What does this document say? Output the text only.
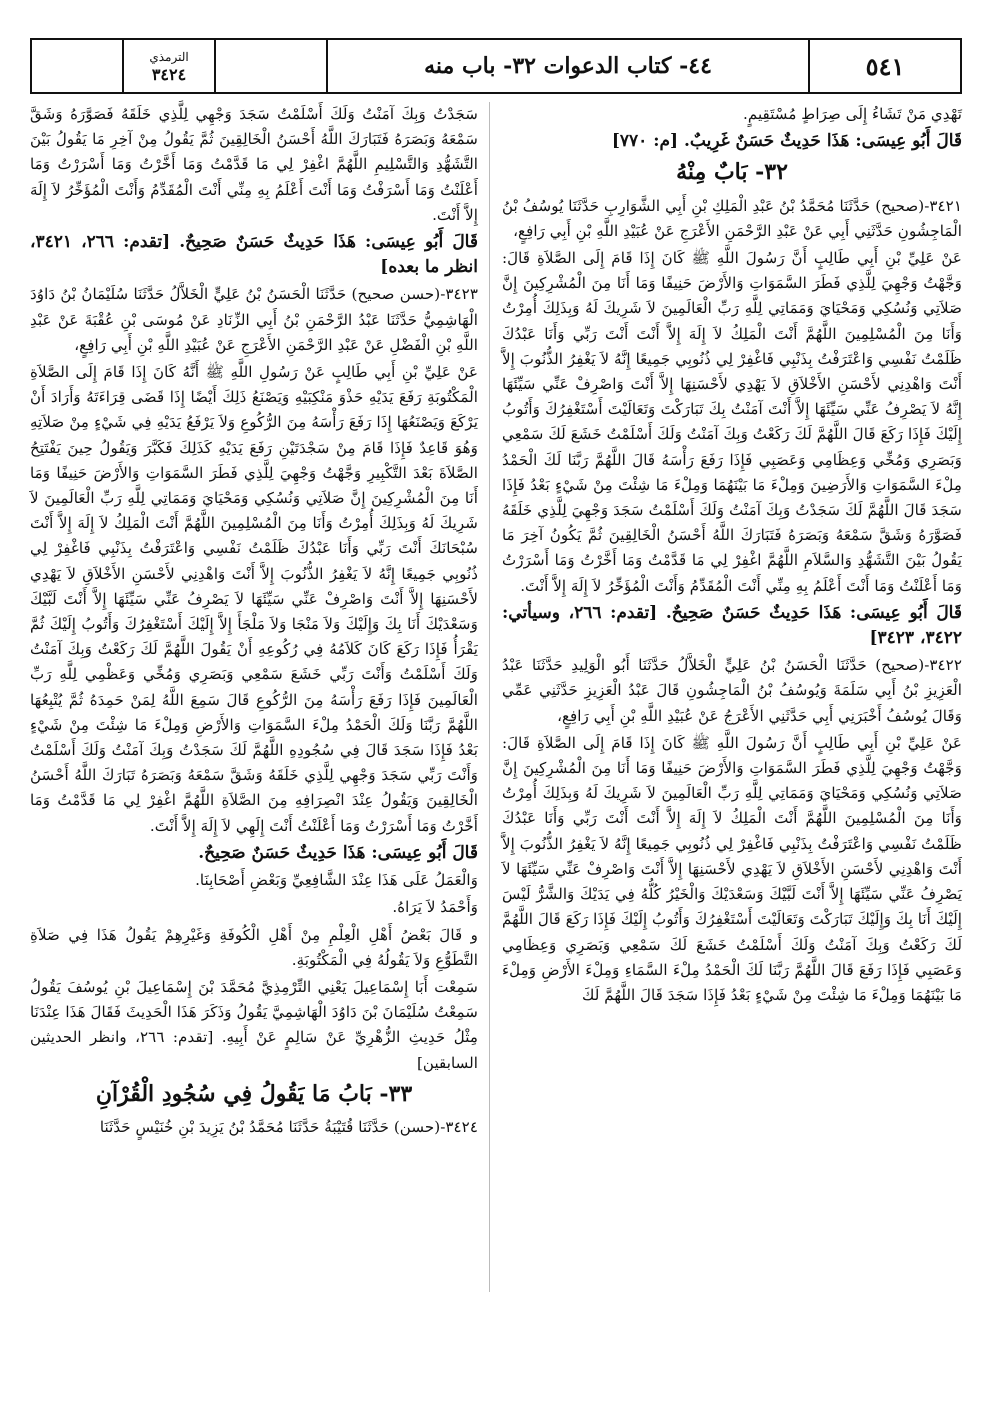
٥٤١
٤٤- كتاب الدعوات ٣٢- باب منه
الترمذي
٣٤٢٤

تَهْدِي مَنْ تَشَاءُ إِلَى صِرَاطٍ مُسْتَقِيمٍ.

قَالَ أَبُو عِيسَى: هَذَا حَدِيثٌ حَسَنٌ غَرِيبٌ. [م: ٧٧٠]

٣٢- بَابٌ مِنْهُ

٣٤٢١-(صحيح) حَدَّثَنَا مُحَمَّدُ بْنُ عَبْدِ الْمَلِكِ بْنِ أَبِي الشَّوَارِبِ حَدَّثَنَا يُوسُفُ بْنُ الْمَاجِشُونِ حَدَّثَنِي أَبِي عَنْ عَبْدِ الرَّحْمَنِ الأَعْرَجِ عَنْ عُبَيْدِ اللَّهِ بْنِ أَبِي رَافِعٍ،

عَنْ عَلِيِّ بْنِ أَبِي طَالِبٍ أَنَّ رَسُولَ اللَّهِ ﷺ كَانَ إِذَا قَامَ إِلَى الصَّلاَةِ قَالَ: وَجَّهْتُ وَجْهِيَ لِلَّذِي فَطَرَ السَّمَوَاتِ وَالأَرْضَ حَنِيفًا وَمَا أَنَا مِنَ الْمُشْرِكِينَ إِنَّ صَلاَتِي وَنُسُكِي وَمَحْيَايَ وَمَمَاتِي لِلَّهِ رَبِّ الْعَالَمِينَ لاَ شَرِيكَ لَهُ وَبِذَلِكَ أُمِرْتُ وَأَنَا مِنَ الْمُسْلِمِينَ اللَّهُمَّ أَنْتَ الْمَلِكُ لاَ إِلَهَ إِلاَّ أَنْتَ أَنْتَ رَبِّي وَأَنَا عَبْدُكَ ظَلَمْتُ نَفْسِي وَاعْتَرَفْتُ بِذَنْبِي فَاغْفِرْ لِي ذُنُوبِي جَمِيعًا إِنَّهُ لاَ يَغْفِرُ الذُّنُوبَ إِلاَّ أَنْتَ وَاهْدِنِي لأَحْسَنِ الأَخْلاَقِ لاَ يَهْدِي لأَحْسَنِهَا إِلاَّ أَنْتَ وَاصْرِفْ عَنِّي سَيِّئَهَا إِنَّهُ لاَ يَصْرِفُ عَنِّي سَيِّئَهَا إِلاَّ أَنْتَ آمَنْتُ بِكَ تَبَارَكْتَ وَتَعَالَيْتَ أَسْتَغْفِرُكَ وَأَتُوبُ إِلَيْكَ فَإِذَا رَكَعَ قَالَ اللَّهُمَّ لَكَ رَكَعْتُ وَبِكَ آمَنْتُ وَلَكَ أَسْلَمْتُ خَشَعَ لَكَ سَمْعِي وَبَصَرِي وَمُخِّي وَعِظَامِي وَعَصَبِي فَإِذَا رَفَعَ رَأْسَهُ قَالَ اللَّهُمَّ رَبَّنَا لَكَ الْحَمْدُ مِلْءَ السَّمَوَاتِ وَالأَرَضِينَ وَمِلْءَ مَا بَيْنَهُمَا وَمِلْءَ مَا شِئْتَ مِنْ شَيْءٍ بَعْدُ فَإِذَا سَجَدَ قَالَ اللَّهُمَّ لَكَ سَجَدْتُ وَبِكَ آمَنْتُ وَلَكَ أَسْلَمْتُ سَجَدَ وَجْهِيَ لِلَّذِي خَلَقَهُ فَصَوَّرَهُ وَشَقَّ سَمْعَهُ وَبَصَرَهُ فَتَبَارَكَ اللَّهُ أَحْسَنُ الْخَالِقِينَ ثُمَّ يَكُونُ آخِرَ مَا يَقُولُ بَيْنَ التَّشَهُّدِ وَالسَّلاَمِ اللَّهُمَّ اغْفِرْ لِي مَا قَدَّمْتُ وَمَا أَخَّرْتُ وَمَا أَسْرَرْتُ وَمَا أَعْلَنْتُ وَمَا أَنْتَ أَعْلَمُ بِهِ مِنِّي أَنْتَ الْمُقَدِّمُ وَأَنْتَ الْمُؤَخِّرُ لاَ إِلَهَ إِلاَّ أَنْتَ.

قَالَ أَبُو عِيسَى: هَذَا حَدِيثٌ حَسَنٌ صَحِيحٌ. [تقدم: ٢٦٦، وسيأتي: ٣٤٢٢، ٣٤٢٣]

٣٤٢٢-(صحيح) حَدَّثَنَا الْحَسَنُ بْنُ عَلِيٍّ الْخَلاَّلُ حَدَّثَنَا أَبُو الْوَلِيدِ حَدَّثَنَا عَبْدُ الْعَزِيزِ بْنُ أَبِي سَلَمَةَ وَيُوسُفُ بْنُ الْمَاجِشُونِ قَالَ عَبْدُ الْعَزِيزِ حَدَّثَنِي عَمِّي وَقَالَ يُوسُفُ أَخْبَرَنِي أَبِي حَدَّثَنِي الأَعْرَجُ عَنْ عُبَيْدِ اللَّهِ بْنِ أَبِي رَافِعٍ،

عَنْ عَلِيِّ بْنِ أَبِي طَالِبٍ أَنَّ رَسُولَ اللَّهِ ﷺ كَانَ إِذَا قَامَ إِلَى الصَّلاَةِ قَالَ: وَجَّهْتُ وَجْهِيَ لِلَّذِي فَطَرَ السَّمَوَاتِ وَالأَرْضَ حَنِيفًا وَمَا أَنَا مِنَ الْمُشْرِكِينَ إِنَّ صَلاَتِي وَنُسُكِي وَمَحْيَايَ وَمَمَاتِي لِلَّهِ رَبِّ الْعَالَمِينَ لاَ شَرِيكَ لَهُ وَبِذَلِكَ أُمِرْتُ وَأَنَا مِنَ الْمُسْلِمِينَ اللَّهُمَّ أَنْتَ الْمَلِكُ لاَ إِلَهَ إِلاَّ أَنْتَ أَنْتَ رَبِّي وَأَنَا عَبْدُكَ ظَلَمْتُ نَفْسِي وَاعْتَرَفْتُ بِذَنْبِي فَاغْفِرْ لِي ذُنُوبِي جَمِيعًا إِنَّهُ لاَ يَغْفِرُ الذُّنُوبَ إِلاَّ أَنْتَ وَاهْدِنِي لأَحْسَنِ الأَخْلاَقِ لاَ يَهْدِي لأَحْسَنِهَا إِلاَّ أَنْتَ وَاصْرِفْ عَنِّي سَيِّئَهَا لاَ يَصْرِفُ عَنِّي سَيِّئَهَا إِلاَّ أَنْتَ لَبَّيْكَ وَسَعْدَيْكَ وَالْخَيْرُ كُلُّهُ فِي يَدَيْكَ وَالشَّرُّ لَيْسَ إِلَيْكَ أَنَا بِكَ وَإِلَيْكَ تَبَارَكْتَ وَتَعَالَيْتَ أَسْتَغْفِرُكَ وَأَتُوبُ إِلَيْكَ فَإِذَا رَكَعَ قَالَ اللَّهُمَّ لَكَ رَكَعْتُ وَبِكَ آمَنْتُ وَلَكَ أَسْلَمْتُ خَشَعَ لَكَ سَمْعِي وَبَصَرِي وَعِظَامِي وَعَصَبِي فَإِذَا رَفَعَ قَالَ اللَّهُمَّ رَبَّنَا لَكَ الْحَمْدُ مِلْءَ السَّمَاءِ وَمِلْءَ الأَرْضِ وَمِلْءَ مَا بَيْنَهُمَا وَمِلْءَ مَا شِئْتَ مِنْ شَيْءٍ بَعْدُ فَإِذَا سَجَدَ قَالَ اللَّهُمَّ لَكَ

سَجَدْتُ وَبِكَ آمَنْتُ وَلَكَ أَسْلَمْتُ سَجَدَ وَجْهِي لِلَّذِي خَلَقَهُ فَصَوَّرَهُ وَشَقَّ سَمْعَهُ وَبَصَرَهُ فَتَبَارَكَ اللَّهُ أَحْسَنُ الْخَالِقِينَ ثُمَّ يَقُولُ مِنْ آخِرِ مَا يَقُولُ بَيْنَ التَّشَهُّدِ وَالتَّسْلِيمِ اللَّهُمَّ اغْفِرْ لِي مَا قَدَّمْتُ وَمَا أَخَّرْتُ وَمَا أَسْرَرْتُ وَمَا أَعْلَنْتُ وَمَا أَسْرَفْتُ وَمَا أَنْتَ أَعْلَمُ بِهِ مِنِّي أَنْتَ الْمُقَدِّمُ وَأَنْتَ الْمُؤَخِّرُ لاَ إِلَهَ إِلاَّ أَنْتَ.

قَالَ أَبُو عِيسَى: هَذَا حَدِيثٌ حَسَنٌ صَحِيحٌ. [تقدم: ٢٦٦، ٣٤٢١، انظر ما بعده]

٣٤٢٣-(حسن صحيح) حَدَّثَنَا الْحَسَنُ بْنُ عَلِيٍّ الْخَلاَّلُ حَدَّثَنَا سُلَيْمَانُ بْنُ دَاوُدَ الْهَاشِمِيُّ حَدَّثَنَا عَبْدُ الرَّحْمَنِ بْنُ أَبِي الزِّنَادِ عَنْ مُوسَى بْنِ عُقْبَةَ عَنْ عَبْدِ اللَّهِ بْنِ الْفَضْلِ عَنْ عَبْدِ الرَّحْمَنِ الأَعْرَجِ عَنْ عُبَيْدِ اللَّهِ بْنِ أَبِي رَافِعٍ،

عَنْ عَلِيِّ بْنِ أَبِي طَالِبٍ عَنْ رَسُولِ اللَّهِ ﷺ أَنَّهُ كَانَ إِذَا قَامَ إِلَى الصَّلاَةِ الْمَكْتُوبَةِ رَفَعَ يَدَيْهِ حَذْوَ مَنْكِبَيْهِ وَيَصْنَعُ ذَلِكَ أَيْضًا إِذَا قَضَى قِرَاءَتَهُ وَأَرَادَ أَنْ يَرْكَعَ وَيَصْنَعُهَا إِذَا رَفَعَ رَأْسَهُ مِنَ الرُّكُوعِ وَلاَ يَرْفَعُ يَدَيْهِ فِي شَيْءٍ مِنْ صَلاَتِهِ وَهُوَ قَاعِدٌ فَإِذَا قَامَ مِنْ سَجْدَتَيْنِ رَفَعَ يَدَيْهِ كَذَلِكَ فَكَبَّرَ وَيَقُولُ حِينَ يَفْتَتِحُ الصَّلاَةَ بَعْدَ التَّكْبِيرِ وَجَّهْتُ وَجْهِيَ لِلَّذِي فَطَرَ السَّمَوَاتِ وَالأَرْضَ حَنِيفًا وَمَا أَنَا مِنَ الْمُشْرِكِينَ إِنَّ صَلاَتِي وَنُسُكِي وَمَحْيَايَ وَمَمَاتِي لِلَّهِ رَبِّ الْعَالَمِينَ لاَ شَرِيكَ لَهُ وَبِذَلِكَ أُمِرْتُ وَأَنَا مِنَ الْمُسْلِمِينَ اللَّهُمَّ أَنْتَ الْمَلِكُ لاَ إِلَهَ إِلاَّ أَنْتَ سُبْحَانَكَ أَنْتَ رَبِّي وَأَنَا عَبْدُكَ ظَلَمْتُ نَفْسِي وَاعْتَرَفْتُ بِذَنْبِي فَاغْفِرْ لِي ذُنُوبِي جَمِيعًا إِنَّهُ لاَ يَغْفِرُ الذُّنُوبَ إِلاَّ أَنْتَ وَاهْدِنِي لأَحْسَنِ الأَخْلاَقِ لاَ يَهْدِي لأَحْسَنِهَا إِلاَّ أَنْتَ وَاصْرِفْ عَنِّي سَيِّئَهَا لاَ يَصْرِفُ عَنِّي سَيِّئَهَا إِلاَّ أَنْتَ لَبَّيْكَ وَسَعْدَيْكَ أَنَا بِكَ وَإِلَيْكَ وَلاَ مَنْجَا وَلاَ مَلْجَأَ إِلاَّ إِلَيْكَ أَسْتَغْفِرُكَ وَأَتُوبُ إِلَيْكَ ثُمَّ يَقْرَأُ فَإِذَا رَكَعَ كَانَ كَلاَمُهُ فِي رُكُوعِهِ أَنْ يَقُولَ اللَّهُمَّ لَكَ رَكَعْتُ وَبِكَ آمَنْتُ وَلَكَ أَسْلَمْتُ وَأَنْتَ رَبِّي خَشَعَ سَمْعِي وَبَصَرِي وَمُخِّي وَعَظْمِي لِلَّهِ رَبِّ الْعَالَمِينَ فَإِذَا رَفَعَ رَأْسَهُ مِنَ الرُّكُوعِ قَالَ سَمِعَ اللَّهُ لِمَنْ حَمِدَهُ ثُمَّ يُتْبِعُهَا اللَّهُمَّ رَبَّنَا وَلَكَ الْحَمْدُ مِلْءَ السَّمَوَاتِ وَالأَرْضِ وَمِلْءَ مَا شِئْتَ مِنْ شَيْءٍ بَعْدُ فَإِذَا سَجَدَ قَالَ فِي سُجُودِهِ اللَّهُمَّ لَكَ سَجَدْتُ وَبِكَ آمَنْتُ وَلَكَ أَسْلَمْتُ وَأَنْتَ رَبِّي سَجَدَ وَجْهِي لِلَّذِي خَلَقَهُ وَشَقَّ سَمْعَهُ وَبَصَرَهُ تَبَارَكَ اللَّهُ أَحْسَنُ الْخَالِقِينَ وَيَقُولُ عِنْدَ انْصِرَافِهِ مِنَ الصَّلاَةِ اللَّهُمَّ اغْفِرْ لِي مَا قَدَّمْتُ وَمَا أَخَّرْتُ وَمَا أَسْرَرْتُ وَمَا أَعْلَنْتُ أَنْتَ إِلَهِي لاَ إِلَهَ إِلاَّ أَنْتَ.

قَالَ أَبُو عِيسَى: هَذَا حَدِيثٌ حَسَنٌ صَحِيحٌ.

وَالْعَمَلُ عَلَى هَذَا عِنْدَ الشَّافِعِيِّ وَبَعْضِ أَصْحَابِنَا.

وَأَحْمَدُ لاَ يَرَاهُ.

و قَالَ بَعْضُ أَهْلِ الْعِلْمِ مِنْ أَهْلِ الْكُوفَةِ وَغَيْرِهِمْ يَقُولُ هَذَا فِي صَلاَةِ التَّطَوُّعِ وَلاَ يَقُولُهُ فِي الْمَكْتُوبَةِ.

سَمِعْت أَبَا إِسْمَاعِيلَ يَعْنِي التِّرْمِذِيَّ مُحَمَّدَ بْنَ إِسْمَاعِيلَ بْنِ يُوسُفَ يَقُولُ سَمِعْتُ سُلَيْمَانَ بْنَ دَاوُدَ الْهَاشِمِيَّ يَقُولُ وَذَكَرَ هَذَا الْحَدِيثَ فَقَالَ هَذَا عِنْدَنَا مِثْلُ حَدِيثِ الزُّهْرِيِّ عَنْ سَالِمٍ عَنْ أَبِيهِ. [تقدم: ٢٦٦، وانظر الحديثين السابقين]

٣٣- بَابُ مَا يَقُولُ فِي سُجُودِ الْقُرْآنِ

٣٤٢٤-(حسن) حَدَّثَنَا قُتَيْبَةُ حَدَّثَنَا مُحَمَّدُ بْنُ يَزِيدَ بْنِ خُنَيْسٍ حَدَّثَنَا
